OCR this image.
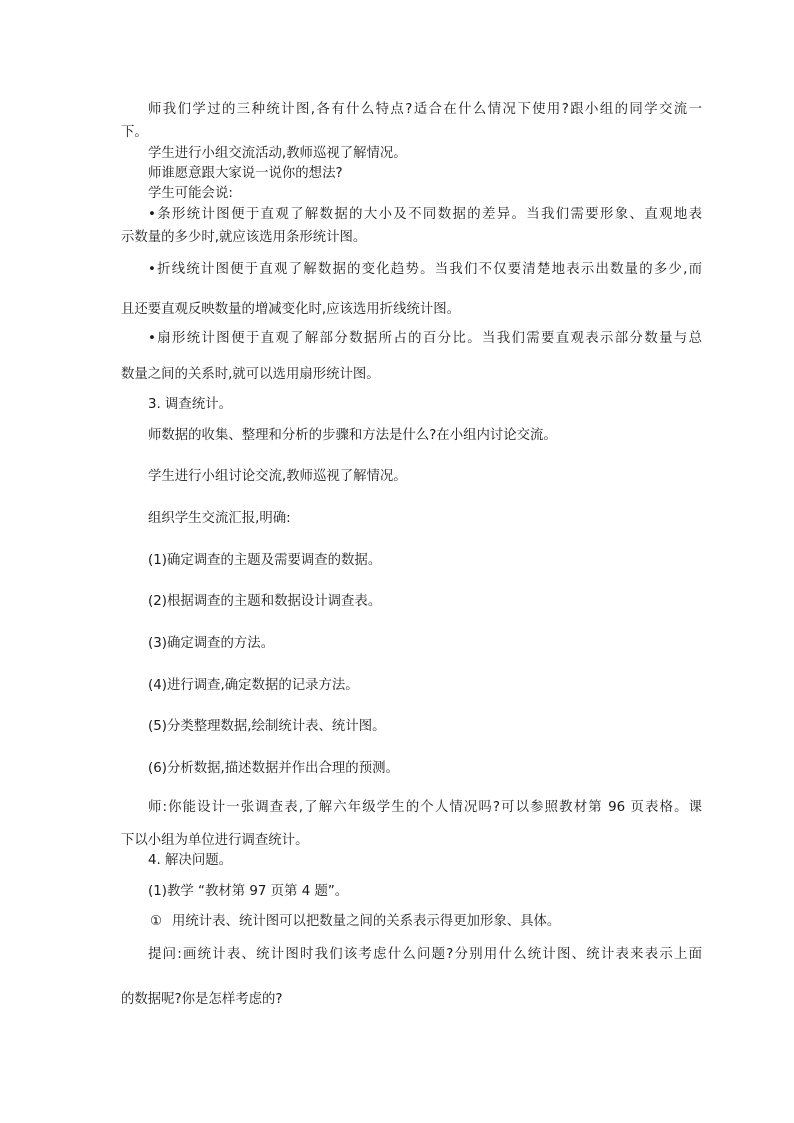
师我们学过的三种统计图,各有什么特点?适合在什么情况下使用?跟小组的同学交流一
下。
学生进行小组交流活动,教师巡视了解情况。
师谁愿意跟大家说一说你的想法?
学生可能会说:
•条形统计图便于直观了解数据的大小及不同数据的差异。当我们需要形象、直观地表
示数量的多少时,就应该选用条形统计图。
•折线统计图便于直观了解数据的变化趋势。当我们不仅要清楚地表示出数量的多少,而
且还要直观反映数量的增减变化时,应该选用折线统计图。
•扇形统计图便于直观了解部分数据所占的百分比。当我们需要直观表示部分数量与总
数量之间的关系时,就可以选用扇形统计图。
3. 调查统计。
师数据的收集、整理和分析的步骤和方法是什么?在小组内讨论交流。
学生进行小组讨论交流,教师巡视了解情况。
组织学生交流汇报,明确:
(1)确定调查的主题及需要调查的数据。
(2)根据调查的主题和数据设计调查表。
(3)确定调查的方法。
(4)进行调查,确定数据的记录方法。
(5)分类整理数据,绘制统计表、统计图。
(6)分析数据,描述数据并作出合理的预测。
师:你能设计一张调查表,了解六年级学生的个人情况吗?可以参照教材第 96 页表格。课
下以小组为单位进行调查统计。
4. 解决问题。
(1)教学 “教材第 97 页第 4 题”。
① 用统计表、统计图可以把数量之间的关系表示得更加形象、具体。
提问:画统计表、统计图时我们该考虑什么问题?分别用什么统计图、统计表来表示上面
的数据呢?你是怎样考虑的?
